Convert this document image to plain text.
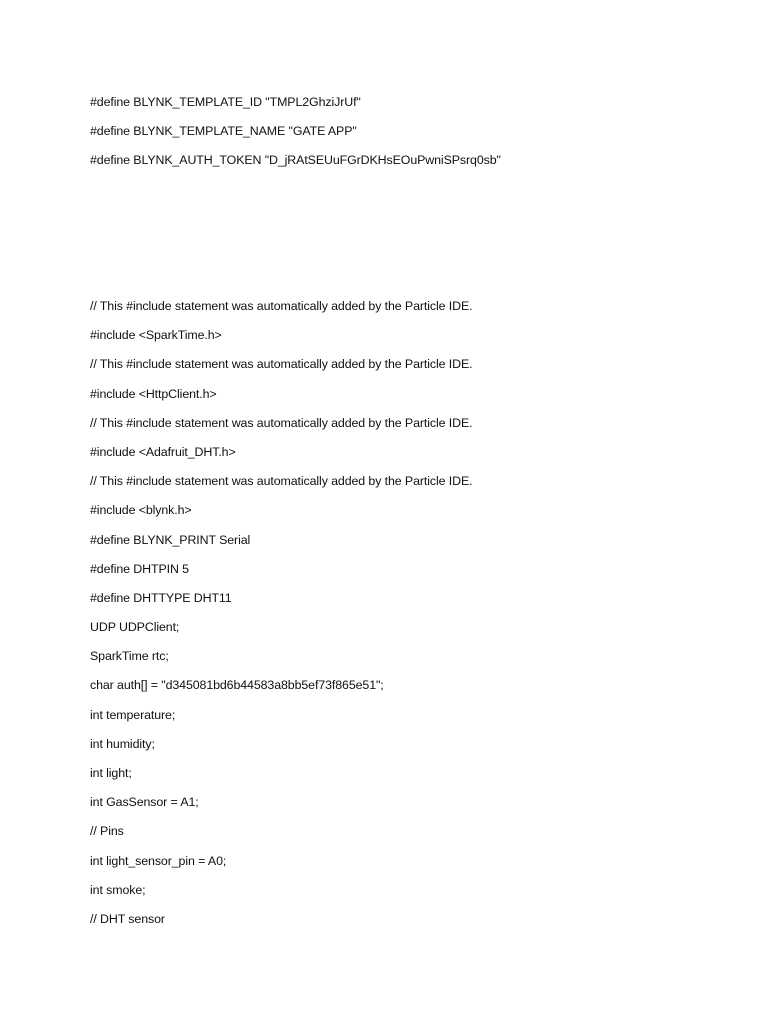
#define BLYNK_TEMPLATE_ID "TMPL2GhziJrUf"
#define BLYNK_TEMPLATE_NAME "GATE APP"
#define BLYNK_AUTH_TOKEN "D_jRAtSEUuFGrDKHsEOuPwniSPsrq0sb"
// This #include statement was automatically added by the Particle IDE.
#include <SparkTime.h>
// This #include statement was automatically added by the Particle IDE.
#include <HttpClient.h>
// This #include statement was automatically added by the Particle IDE.
#include <Adafruit_DHT.h>
// This #include statement was automatically added by the Particle IDE.
#include <blynk.h>
#define BLYNK_PRINT Serial
#define DHTPIN 5
#define DHTTYPE DHT11
UDP UDPClient;
SparkTime rtc;
char auth[] = "d345081bd6b44583a8bb5ef73f865e51";
int temperature;
int humidity;
int light;
int GasSensor = A1;
// Pins
int light_sensor_pin = A0;
int smoke;
// DHT sensor
